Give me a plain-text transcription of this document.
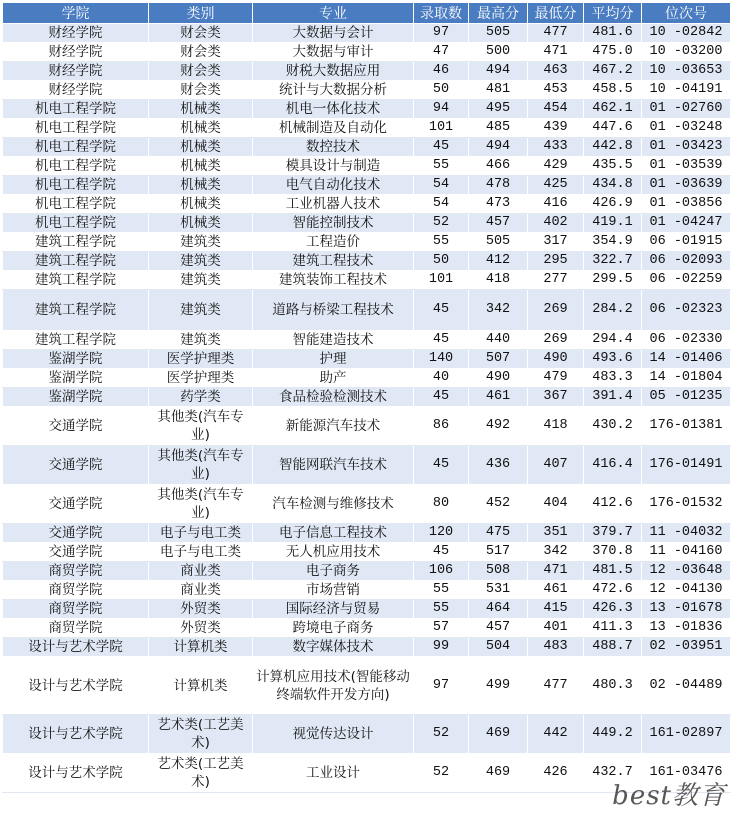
学院	类别	专业	录取数	最高分	最低分	平均分	位次号
财经学院	财会类	大数据与会计	97	505	477	481.6	10 -02842
财经学院	财会类	大数据与审计	47	500	471	475.0	10 -03200
财经学院	财会类	财税大数据应用	46	494	463	467.2	10 -03653
财经学院	财会类	统计与大数据分析	50	481	453	458.5	10 -04191
机电工程学院	机械类	机电一体化技术	94	495	454	462.1	01 -02760
机电工程学院	机械类	机械制造及自动化	101	485	439	447.6	01 -03248
机电工程学院	机械类	数控技术	45	494	433	442.8	01 -03423
机电工程学院	机械类	模具设计与制造	55	466	429	435.5	01 -03539
机电工程学院	机械类	电气自动化技术	54	478	425	434.8	01 -03639
机电工程学院	机械类	工业机器人技术	54	473	416	426.9	01 -03856
机电工程学院	机械类	智能控制技术	52	457	402	419.1	01 -04247
建筑工程学院	建筑类	工程造价	55	505	317	354.9	06 -01915
建筑工程学院	建筑类	建筑工程技术	50	412	295	322.7	06 -02093
建筑工程学院	建筑类	建筑装饰工程技术	101	418	277	299.5	06 -02259
建筑工程学院	建筑类	道路与桥梁工程技术	45	342	269	284.2	06 -02323
建筑工程学院	建筑类	智能建造技术	45	440	269	294.4	06 -02330
鉴湖学院	医学护理类	护理	140	507	490	493.6	14 -01406
鉴湖学院	医学护理类	助产	40	490	479	483.3	14 -01804
鉴湖学院	药学类	食品检验检测技术	45	461	367	391.4	05 -01235
交通学院	其他类(汽车专业)	新能源汽车技术	86	492	418	430.2	176-01381
交通学院	其他类(汽车专业)	智能网联汽车技术	45	436	407	416.4	176-01491
交通学院	其他类(汽车专业)	汽车检测与维修技术	80	452	404	412.6	176-01532
交通学院	电子与电工类	电子信息工程技术	120	475	351	379.7	11 -04032
交通学院	电子与电工类	无人机应用技术	45	517	342	370.8	11 -04160
商贸学院	商业类	电子商务	106	508	471	481.5	12 -03648
商贸学院	商业类	市场营销	55	531	461	472.6	12 -04130
商贸学院	外贸类	国际经济与贸易	55	464	415	426.3	13 -01678
商贸学院	外贸类	跨境电子商务	57	457	401	411.3	13 -01836
设计与艺术学院	计算机类	数字媒体技术	99	504	483	488.7	02 -03951
设计与艺术学院	计算机类	计算机应用技术(智能移动终端软件开发方向)	97	499	477	480.3	02 -04489
设计与艺术学院	艺术类(工艺美术)	视觉传达设计	52	469	442	449.2	161-02897
设计与艺术学院	艺术类(工艺美术)	工业设计	52	469	426	432.7	161-03476
best教育
